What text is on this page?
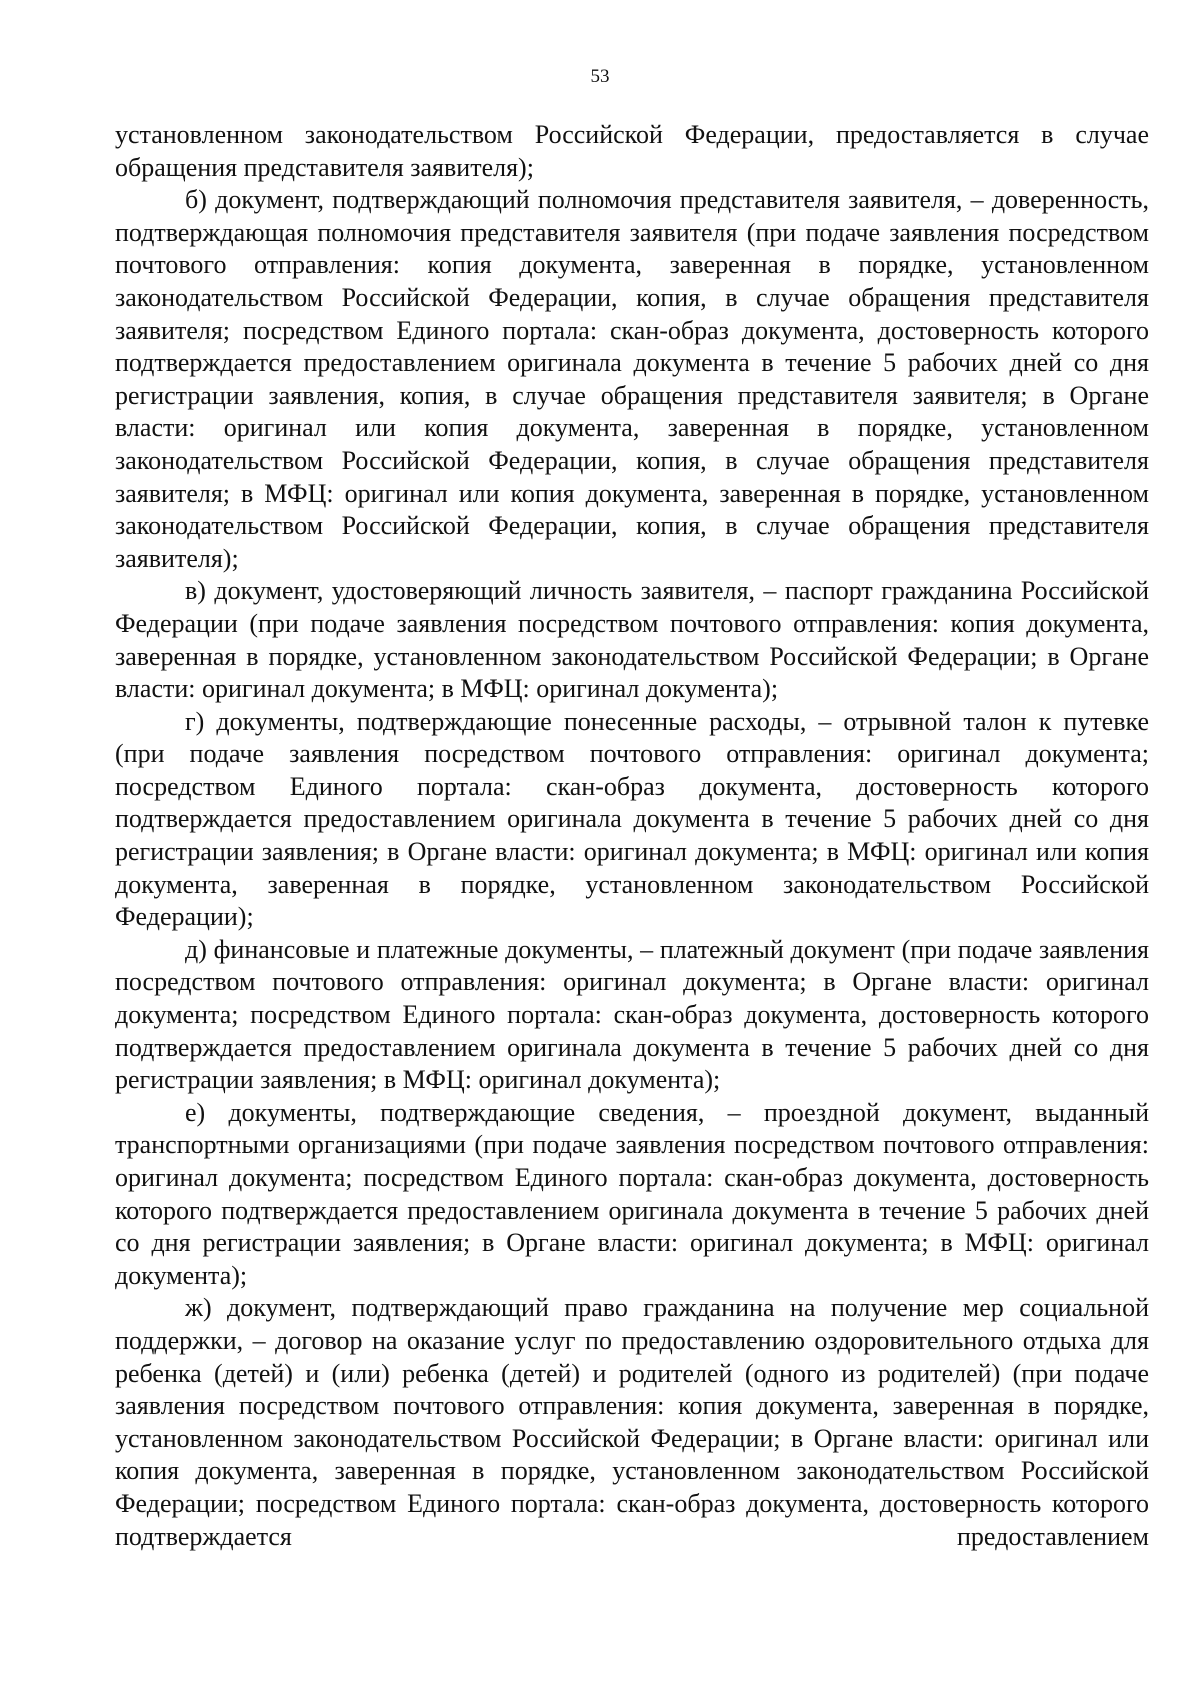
53

установленном законодательством Российской Федерации, предоставляется в случае обращения представителя заявителя);

б) документ, подтверждающий полномочия представителя заявителя, – доверенность, подтверждающая полномочия представителя заявителя (при подаче заявления посредством почтового отправления: копия документа, заверенная в порядке, установленном законодательством Российской Федерации, копия, в случае обращения представителя заявителя; посредством Единого портала: скан-образ документа, достоверность которого подтверждается предоставлением оригинала документа в течение 5 рабочих дней со дня регистрации заявления, копия, в случае обращения представителя заявителя; в Органе власти: оригинал или копия документа, заверенная в порядке, установленном законодательством Российской Федерации, копия, в случае обращения представителя заявителя; в МФЦ: оригинал или копия документа, заверенная в порядке, установленном законодательством Российской Федерации, копия, в случае обращения представителя заявителя);

в) документ, удостоверяющий личность заявителя, – паспорт гражданина Российской Федерации (при подаче заявления посредством почтового отправления: копия документа, заверенная в порядке, установленном законодательством Российской Федерации; в Органе власти: оригинал документа; в МФЦ: оригинал документа);

г) документы, подтверждающие понесенные расходы, – отрывной талон к путевке (при подаче заявления посредством почтового отправления: оригинал документа; посредством Единого портала: скан-образ документа, достоверность которого подтверждается предоставлением оригинала документа в течение 5 рабочих дней со дня регистрации заявления; в Органе власти: оригинал документа; в МФЦ: оригинал или копия документа, заверенная в порядке, установленном законодательством Российской Федерации);

д) финансовые и платежные документы, – платежный документ (при подаче заявления посредством почтового отправления: оригинал документа; в Органе власти: оригинал документа; посредством Единого портала: скан-образ документа, достоверность которого подтверждается предоставлением оригинала документа в течение 5 рабочих дней со дня регистрации заявления; в МФЦ: оригинал документа);

е) документы, подтверждающие сведения, – проездной документ, выданный транспортными организациями (при подаче заявления посредством почтового отправления: оригинал документа; посредством Единого портала: скан-образ документа, достоверность которого подтверждается предоставлением оригинала документа в течение 5 рабочих дней со дня регистрации заявления; в Органе власти: оригинал документа; в МФЦ: оригинал документа);

ж) документ, подтверждающий право гражданина на получение мер социальной поддержки, – договор на оказание услуг по предоставлению оздоровительного отдыха для ребенка (детей) и (или) ребенка (детей) и родителей (одного из родителей) (при подаче заявления посредством почтового отправления: копия документа, заверенная в порядке, установленном законодательством Российской Федерации; в Органе власти: оригинал или копия документа, заверенная в порядке, установленном законодательством Российской Федерации; посредством Единого портала: скан-образ документа, достоверность которого подтверждается предоставлением
